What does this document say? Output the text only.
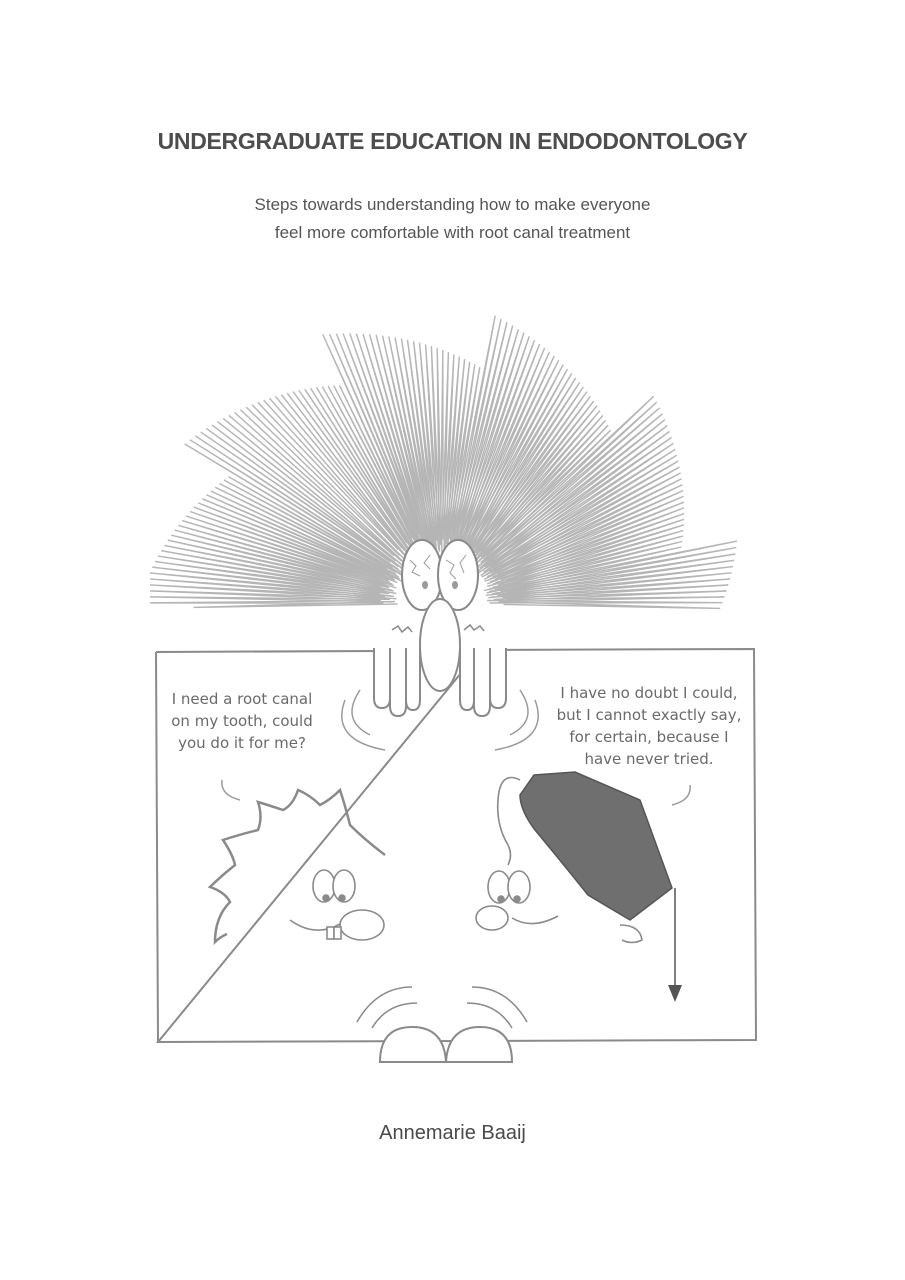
UNDERGRADUATE EDUCATION IN ENDODONTOLOGY
Steps towards understanding how to make everyone
feel more comfortable with root canal treatment
I need a root canal
on my tooth, could
you do it for me?
I have no doubt I could,
but I cannot exactly say,
for certain, because I
have never tried.
Annemarie Baaij
